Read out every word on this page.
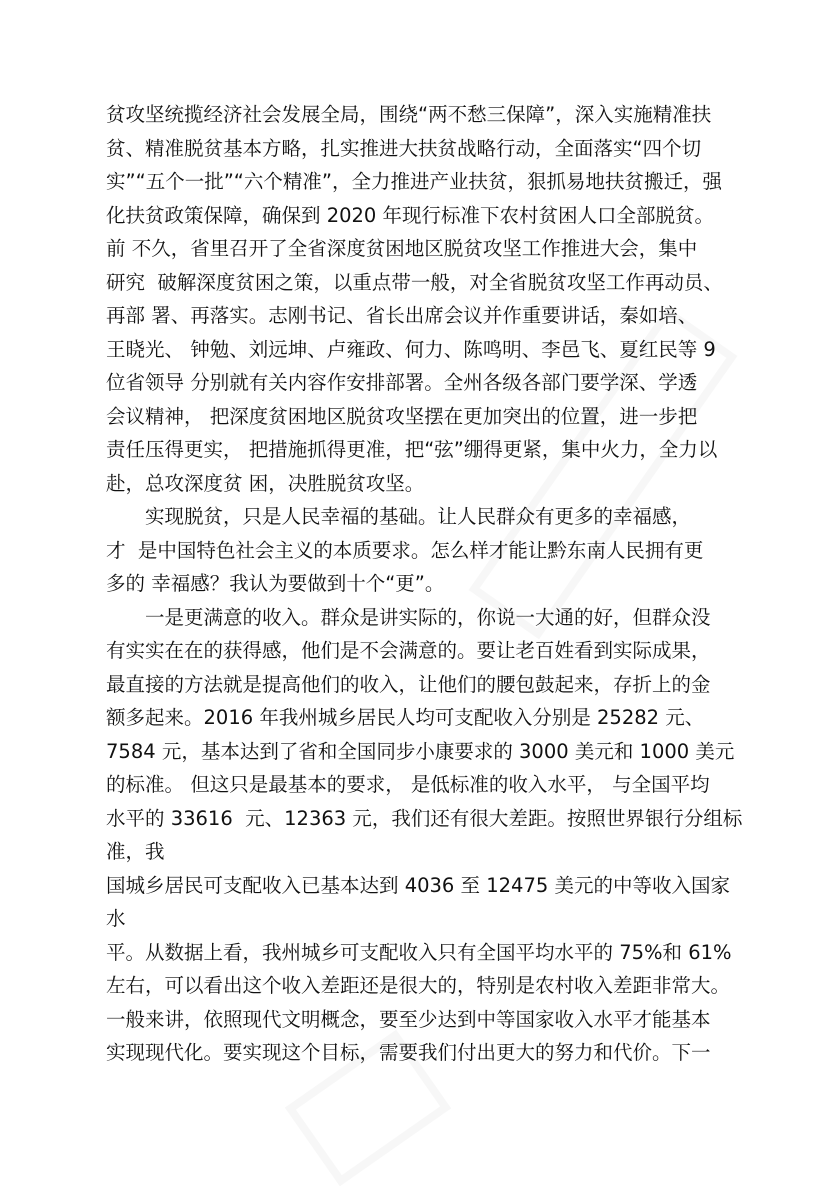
贫攻坚统揽经济社会发展全局，围绕“两不愁三保障”，深入实施精准扶
贫、精准脱贫基本方略，扎实推进大扶贫战略行动，全面落实“四个切
实”“五个一批”“六个精准”，全力推进产业扶贫，狠抓易地扶贫搬迁，强
化扶贫政策保障，确保到 2020 年现行标准下农村贫困人口全部脱贫。
前 不久，省里召开了全省深度贫困地区脱贫攻坚工作推进大会，集中
研究  破解深度贫困之策，以重点带一般，对全省脱贫攻坚工作再动员、
再部 署、再落实。志刚书记、省长出席会议并作重要讲话，秦如培、
王晓光、 钟勉、刘远坤、卢雍政、何力、陈鸣明、李邑飞、夏红民等 9
位省领导 分别就有关内容作安排部署。全州各级各部门要学深、学透
会议精神， 把深度贫困地区脱贫攻坚摆在更加突出的位置，进一步把
责任压得更实， 把措施抓得更准，把“弦”绷得更紧，集中火力，全力以
赴，总攻深度贫 困，决胜脱贫攻坚。
　　实现脱贫，只是人民幸福的基础。让人民群众有更多的幸福感，
才  是中国特色社会主义的本质要求。怎么样才能让黔东南人民拥有更
多的 幸福感？我认为要做到十个“更”。
　　一是更满意的收入。群众是讲实际的，你说一大通的好，但群众没
有实实在在的获得感，他们是不会满意的。要让老百姓看到实际成果，
最直接的方法就是提高他们的收入，让他们的腰包鼓起来，存折上的金
额多起来。2016 年我州城乡居民人均可支配收入分别是 25282 元、
7584 元，基本达到了省和全国同步小康要求的 3000 美元和 1000 美元
的标准。 但这只是最基本的要求， 是低标准的收入水平， 与全国平均
水平的 33616  元、12363 元，我们还有很大差距。按照世界银行分组标
准，我
国城乡居民可支配收入已基本达到 4036 至 12475 美元的中等收入国家
水
平。从数据上看，我州城乡可支配收入只有全国平均水平的 75%和 61%
左右，可以看出这个收入差距还是很大的，特别是农村收入差距非常大。
一般来讲，依照现代文明概念，要至少达到中等国家收入水平才能基本
实现现代化。要实现这个目标，需要我们付出更大的努力和代价。下一
